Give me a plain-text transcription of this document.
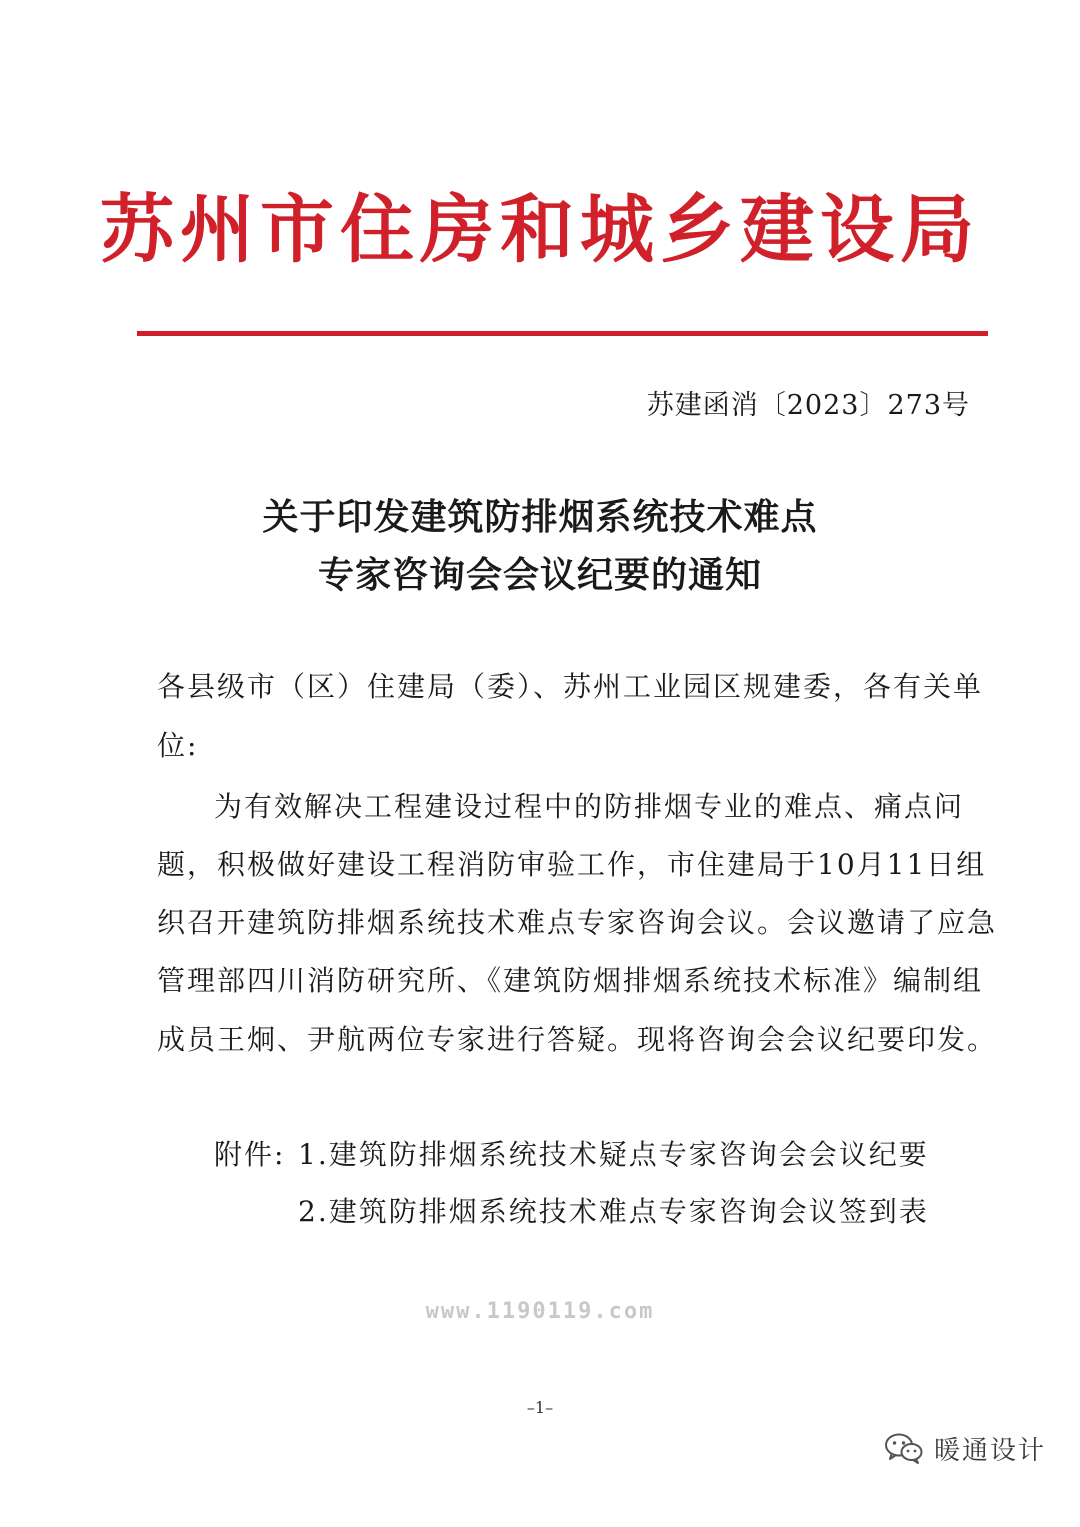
苏州市住房和城乡建设局
苏建函消〔2023〕273号
关于印发建筑防排烟系统技术难点
专家咨询会会议纪要的通知
各县级市（区）住建局（委）、苏州工业园区规建委，各有关单
位:
为有效解决工程建设过程中的防排烟专业的难点、痛点问
题，积极做好建设工程消防审验工作，市住建局于10月11日组
织召开建筑防排烟系统技术难点专家咨询会议。会议邀请了应急
管理部四川消防研究所、《建筑防烟排烟系统技术标准》编制组
成员王炯、尹航两位专家进行答疑。现将咨询会会议纪要印发。
附件: 1.建筑防排烟系统技术疑点专家咨询会会议纪要
2.建筑防排烟系统技术难点专家咨询会议签到表
www.1190119.com
–1–
暖通设计
